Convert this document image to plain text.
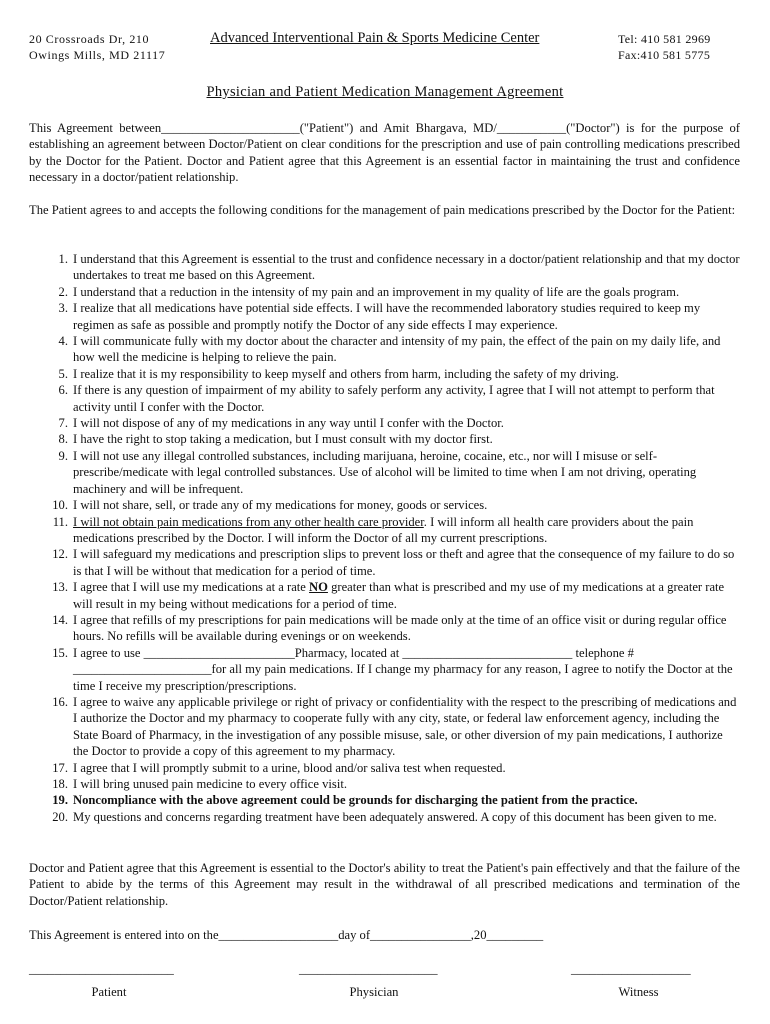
20 Crossroads Dr, 210
Owings Mills, MD 21117
Advanced Interventional Pain & Sports Medicine Center	Tel: 410 581 2969
Fax:410 581 5775
Physician and Patient Medication Management Agreement
This Agreement between______________________("Patient") and Amit Bhargava, MD/___________("Doctor") is for the purpose of establishing an agreement between Doctor/Patient on clear conditions for the prescription and use of pain controlling medications prescribed by the Doctor for the Patient. Doctor and Patient agree that this Agreement is an essential factor in maintaining the trust and confidence necessary in a doctor/patient relationship.
The Patient agrees to and accepts the following conditions for the management of pain medications prescribed by the Doctor for the Patient:
1. I understand that this Agreement is essential to the trust and confidence necessary in a doctor/patient relationship and that my doctor undertakes to treat me based on this Agreement.
2. I understand that a reduction in the intensity of my pain and an improvement in my quality of life are the goals program.
3. I realize that all medications have potential side effects. I will have the recommended laboratory studies required to keep my regimen as safe as possible and promptly notify the Doctor of any side effects I may experience.
4. I will communicate fully with my doctor about the character and intensity of my pain, the effect of the pain on my daily life, and how well the medicine is helping to relieve the pain.
5. I realize that it is my responsibility to keep myself and others from harm, including the safety of my driving.
6. If there is any question of impairment of my ability to safely perform any activity, I agree that I will not attempt to perform that activity until I confer with the Doctor.
7. I will not dispose of any of my medications in any way until I confer with the Doctor.
8. I have the right to stop taking a medication, but I must consult with my doctor first.
9. I will not use any illegal controlled substances, including marijuana, heroine, cocaine, etc., nor will I misuse or self-prescribe/medicate with legal controlled substances. Use of alcohol will be limited to time when I am not driving, operating machinery and will be infrequent.
10. I will not share, sell, or trade any of my medications for money, goods or services.
11. I will not obtain pain medications from any other health care provider. I will inform all health care providers about the pain medications prescribed by the Doctor. I will inform the Doctor of all my current prescriptions.
12. I will safeguard my medications and prescription slips to prevent loss or theft and agree that the consequence of my failure to do so is that I will be without that medication for a period of time.
13. I agree that I will use my medications at a rate NO greater than what is prescribed and my use of my medications at a greater rate will result in my being without medications for a period of time.
14. I agree that refills of my prescriptions for pain medications will be made only at the time of an office visit or during regular office hours. No refills will be available during evenings or on weekends.
15. I agree to use ________________________Pharmacy, located at ___________________________ telephone # ______________________for all my pain medications. If I change my pharmacy for any reason, I agree to notify the Doctor at the time I receive my prescription/prescriptions.
16. I agree to waive any applicable privilege or right of privacy or confidentiality with the respect to the prescribing of medications and I authorize the Doctor and my pharmacy to cooperate fully with any city, state, or federal law enforcement agency, including the State Board of Pharmacy, in the investigation of any possible misuse, sale, or other diversion of my pain medications, I authorize the Doctor to provide a copy of this agreement to my pharmacy.
17. I agree that I will promptly submit to a urine, blood and/or saliva test when requested.
18. I will bring unused pain medicine to every office visit.
19. Noncompliance with the above agreement could be grounds for discharging the patient from the practice.
20. My questions and concerns regarding treatment have been adequately answered. A copy of this document has been given to me.
Doctor and Patient agree that this Agreement is essential to the Doctor's ability to treat the Patient's pain effectively and that the failure of the Patient to abide by the terms of this Agreement may result in the withdrawal of all prescribed medications and termination of the Doctor/Patient relationship.
This Agreement is entered into on the___________________day of________________,20_________
_______________________
Patient
______________________
Physician
___________________
Witness
